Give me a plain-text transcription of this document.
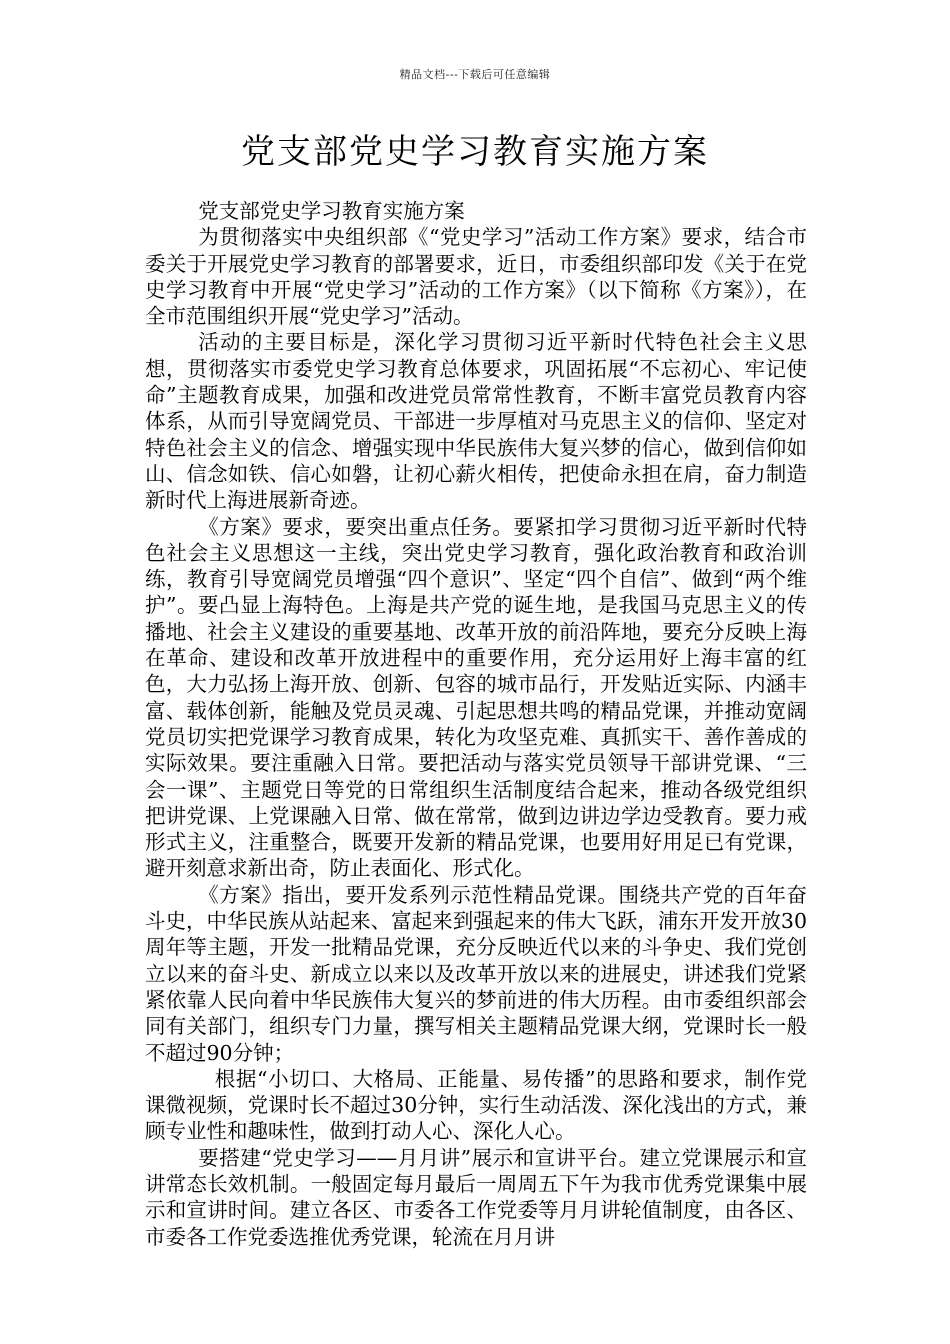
精品文档---下载后可任意编辑
党支部党史学习教育实施方案

党支部党史学习教育实施方案

为贯彻落实中央组织部《“党史学习”活动工作方案》要求，结合市委关于开展党史学习教育的部署要求，近日，市委组织部印发《关于在党史学习教育中开展“党史学习”活动的工作方案》（以下简称《方案》），在全市范围组织开展“党史学习”活动。

活动的主要目标是，深化学习贯彻习近平新时代特色社会主义思想，贯彻落实市委党史学习教育总体要求，巩固拓展“不忘初心、牢记使命”主题教育成果，加强和改进党员常常性教育，不断丰富党员教育内容体系，从而引导宽阔党员、干部进一步厚植对马克思主义的信仰、坚定对特色社会主义的信念、增强实现中华民族伟大复兴梦的信心，做到信仰如山、信念如铁、信心如磐，让初心薪火相传，把使命永担在肩，奋力制造新时代上海进展新奇迹。

《方案》要求，要突出重点任务。要紧扣学习贯彻习近平新时代特色社会主义思想这一主线，突出党史学习教育，强化政治教育和政治训练，教育引导宽阔党员增强“四个意识”、坚定“四个自信”、做到“两个维护”。要凸显上海特色。上海是共产党的诞生地，是我国马克思主义的传播地、社会主义建设的重要基地、改革开放的前沿阵地，要充分反映上海在革命、建设和改革开放进程中的重要作用，充分运用好上海丰富的红色，大力弘扬上海开放、创新、包容的城市品行，开发贴近实际、内涵丰富、载体创新，能触及党员灵魂、引起思想共鸣的精品党课，并推动宽阔党员切实把党课学习教育成果，转化为攻坚克难、真抓实干、善作善成的实际效果。要注重融入日常。要把活动与落实党员领导干部讲党课、“三会一课”、主题党日等党的日常组织生活制度结合起来，推动各级党组织把讲党课、上党课融入日常、做在常常，做到边讲边学边受教育。要力戒形式主义，注重整合，既要开发新的精品党课，也要用好用足已有党课，避开刻意求新出奇，防止表面化、形式化。

《方案》指出，要开发系列示范性精品党课。围绕共产党的百年奋斗史，中华民族从站起来、富起来到强起来的伟大飞跃，浦东开发开放30周年等主题，开发一批精品党课，充分反映近代以来的斗争史、我们党创立以来的奋斗史、新成立以来以及改革开放以来的进展史，讲述我们党紧紧依靠人民向着中华民族伟大复兴的梦前进的伟大历程。由市委组织部会同有关部门，组织专门力量，撰写相关主题精品党课大纲，党课时长一般不超过90分钟；

根据“小切口、大格局、正能量、易传播”的思路和要求，制作党课微视频，党课时长不超过30分钟，实行生动活泼、深化浅出的方式，兼顾专业性和趣味性，做到打动人心、深化人心。

要搭建“党史学习——月月讲”展示和宣讲平台。建立党课展示和宣讲常态长效机制。一般固定每月最后一周周五下午为我市优秀党课集中展示和宣讲时间。建立各区、市委各工作党委等月月讲轮值制度，由各区、市委各工作党委选推优秀党课，轮流在月月讲
